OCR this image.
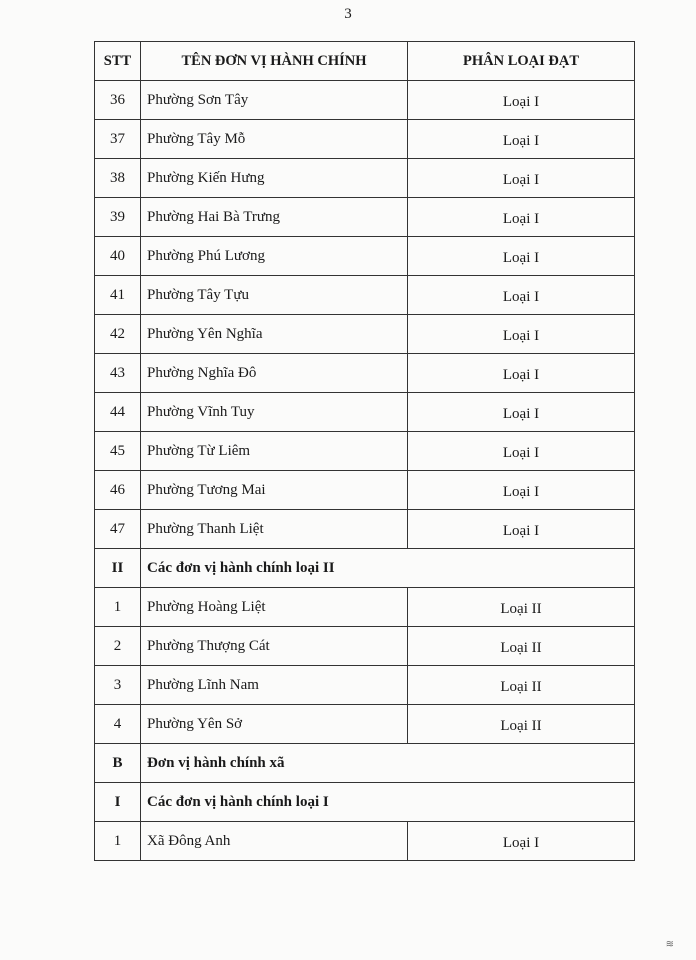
3
STT	TÊN ĐƠN VỊ HÀNH CHÍNH	PHÂN LOẠI ĐẠT
36	Phường Sơn Tây	Loại I
37	Phường Tây Mỗ	Loại I
38	Phường Kiến Hưng	Loại I
39	Phường Hai Bà Trưng	Loại I
40	Phường Phú Lương	Loại I
41	Phường Tây Tựu	Loại I
42	Phường Yên Nghĩa	Loại I
43	Phường Nghĩa Đô	Loại I
44	Phường Vĩnh Tuy	Loại I
45	Phường Từ Liêm	Loại I
46	Phường Tương Mai	Loại I
47	Phường Thanh Liệt	Loại I
II	Các đơn vị hành chính loại II	
1	Phường Hoàng Liệt	Loại II
2	Phường Thượng Cát	Loại II
3	Phường Lĩnh Nam	Loại II
4	Phường Yên Sở	Loại II
B	Đơn vị hành chính xã	
I	Các đơn vị hành chính loại I	
1	Xã Đông Anh	Loại I
≋
